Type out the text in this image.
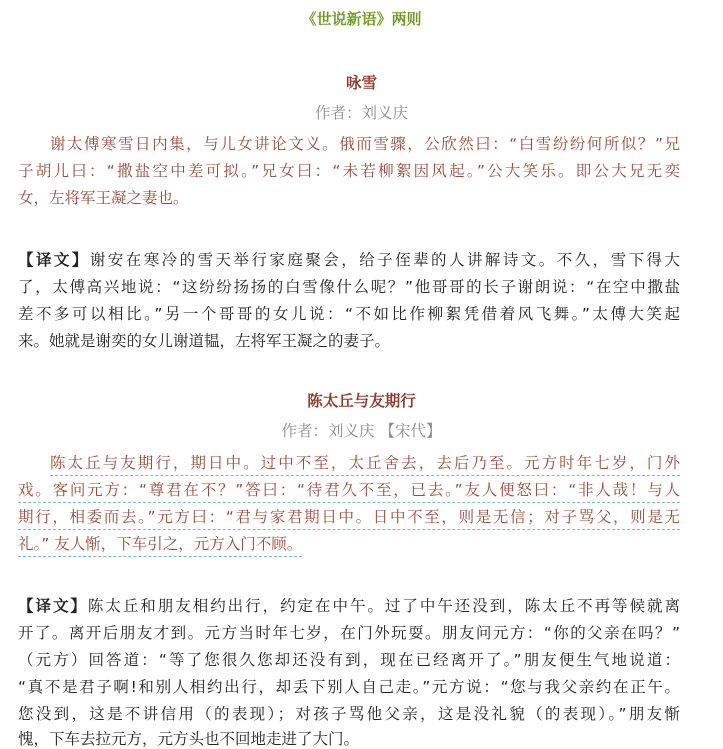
《世说新语》两则
咏雪
作者：刘义庆
谢太傅寒雪日内集，与儿女讲论文义。俄而雪骤，公欣然曰：“白雪纷纷何所似？”兄
子胡儿曰：“撒盐空中差可拟。”兄女曰：“未若柳絮因风起。”公大笑乐。即公大兄无奕
女，左将军王凝之妻也。
【译文】谢安在寒冷的雪天举行家庭聚会，给子侄辈的人讲解诗文。不久，雪下得大
了，太傅高兴地说：“这纷纷扬扬的白雪像什么呢？”他哥哥的长子谢朗说：“在空中撒盐
差不多可以相比。”另一个哥哥的女儿说：“不如比作柳絮凭借着风飞舞。”太傅大笑起
来。她就是谢奕的女儿谢道韫，左将军王凝之的妻子。
陈太丘与友期行
作者：刘义庆 【宋代】
陈太丘与友期行，期日中。过中不至，太丘舍去，去后乃至。元方时年七岁，门外
戏。客问元方：“尊君在不？”答曰：“待君久不至，已去。”友人便怒曰：“非人哉！与人
期行，相委而去。”元方曰：“君与家君期日中。日中不至，则是无信；对子骂父，则是无
礼。” 友人惭，下车引之，元方入门不顾。
【译文】陈太丘和朋友相约出行，约定在中午。过了中午还没到，陈太丘不再等候就离
开了。离开后朋友才到。元方当时年七岁，在门外玩耍。朋友问元方：“你的父亲在吗？”
（元方）回答道：“等了您很久您却还没有到，现在已经离开了。”朋友便生气地说道：
“真不是君子啊!和别人相约出行，却丢下别人自己走。”元方说：“您与我父亲约在正午。
您没到，这是不讲信用（的表现）；对孩子骂他父亲，这是没礼貌（的表现）。”朋友惭
愧，下车去拉元方，元方头也不回地走进了大门。
